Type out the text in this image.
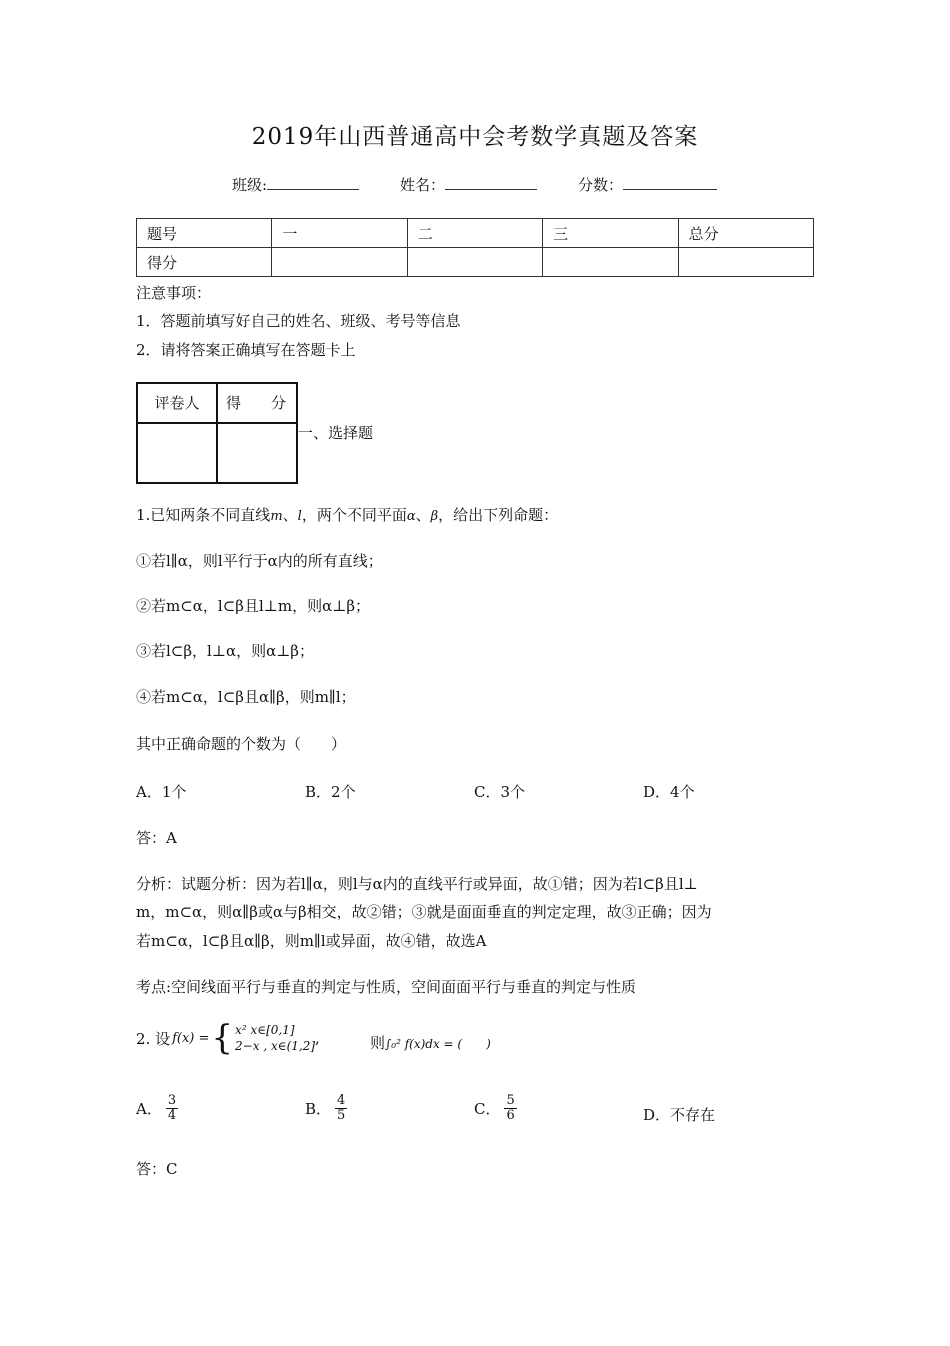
2019年山西普通高中会考数学真题及答案
班级:	姓名：	分数：
题号	一	二	三	总分
得分				
注意事项：
1．答题前填写好自己的姓名、班级、考号等信息
2．请将答案正确填写在答题卡上
评卷人	得　　分
一、选择题
1.已知两条不同直线m、l，两个不同平面α、β，给出下列命题：
①若l∥α，则l平行于α内的所有直线；
②若m⊂α，l⊂β且l⊥m，则α⊥β；
③若l⊂β，l⊥α，则α⊥β；
④若m⊂α，l⊂β且α∥β，则m∥l；
其中正确命题的个数为（　　）
A．1个	B．2个	C．3个	D．4个
答：A
分析：试题分析：因为若l∥α，则l与α内的直线平行或异面，故①错；因为若l⊂β且l⊥
m，m⊂α，则α∥β或α与β相交，故②错；③就是面面垂直的判定定理，故③正确；因为
若m⊂α，l⊂β且α∥β，则m∥l或异面，故④错，故选A
考点:空间线面平行与垂直的判定与性质，空间面面平行与垂直的判定与性质
2. 设 f(x) = { x² x∈[0,1]
2−x , x∈(1,2] ,	则∫₀² f(x)dx = (　　)
A． $\frac{3}{4}$	B． $\frac{4}{5}$	C． $\frac{5}{6}$	D．不存在
答：C
